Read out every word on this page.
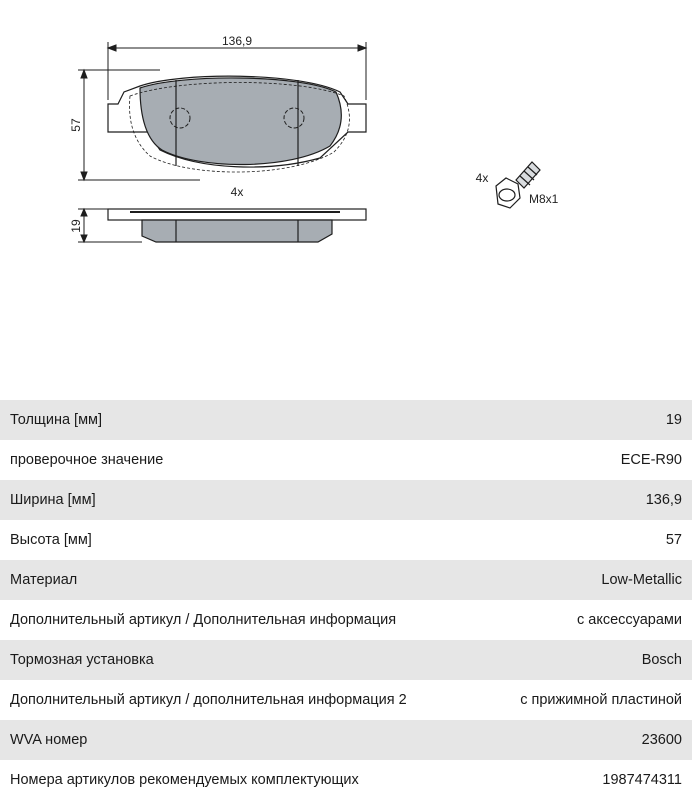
136,9
57
4x
19
4x
M8x1
Толщина [мм]	19
проверочное значение	ECE-R90
Ширина [мм]	136,9
Высота [мм]	57
Материал	Low-Metallic
Дополнительный артикул / Дополнительная информация	с аксессуарами
Тормозная установка	Bosch
Дополнительный артикул / дополнительная информация 2	с прижимной пластиной
WVA номер	23600
Номера артикулов рекомендуемых комплектующих	1987474311
